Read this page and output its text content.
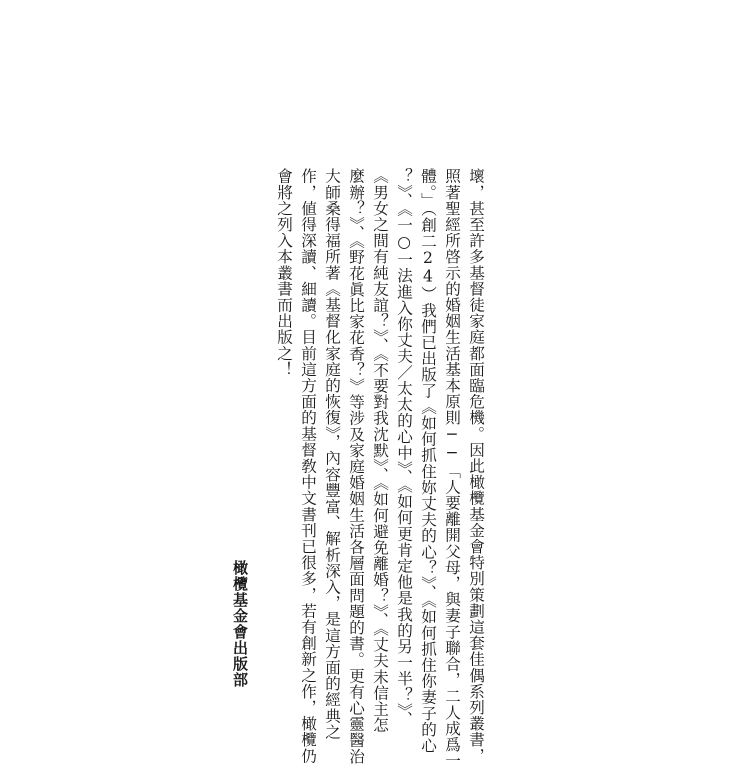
壞，甚至許多基督徒家庭都面臨危機。因此橄欖基金會特別策劃這套佳偶系列叢書，
照著聖經所啓示的婚姻生活基本原則──「人要離開父母，與妻子聯合，二人成爲一
體。」（創二24）我們已出版了《如何抓住妳丈夫的心？》、《如何抓住你妻子的心
？》、《一○一法進入你丈夫／太太的心中》、《如何更肯定他是我的另一半？》、
《男女之間有純友誼？》、《不要對我沈默》、《如何避免離婚？》、《丈夫未信主怎
麼辦？》、《野花眞比家花香？》等涉及家庭婚姻生活各層面問題的書。更有心靈醫治
大師桑得福所著《基督化家庭的恢復》，內容豐富、解析深入，是這方面的經典之
作，値得深讀、細讀。目前這方面的基督敎中文書刊已很多，若有創新之作，橄欖仍
會將之列入本叢書而出版之！
橄欖基金會出版部
